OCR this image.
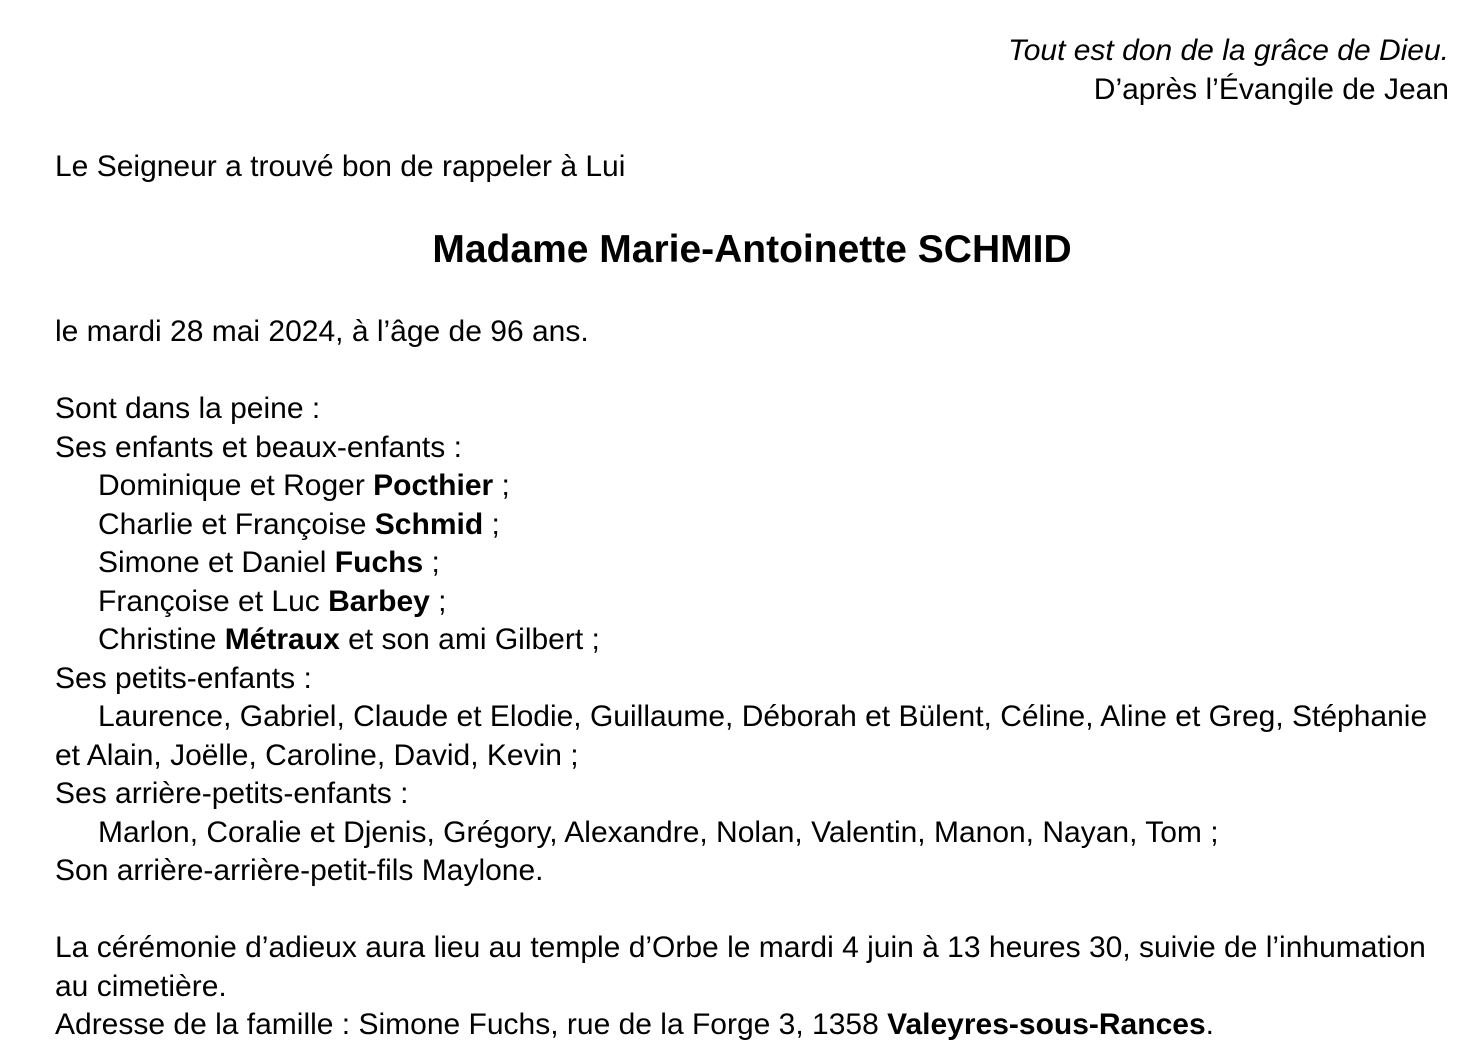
Tout est don de la grâce de Dieu.
D’après l’Évangile de Jean
Le Seigneur a trouvé bon de rappeler à Lui
Madame Marie-Antoinette SCHMID
le mardi 28 mai 2024, à l’âge de 96 ans.
Sont dans la peine :
Ses enfants et beaux-enfants :
Dominique et Roger Pocthier ;
Charlie et Françoise Schmid ;
Simone et Daniel Fuchs ;
Françoise et Luc Barbey ;
Christine Métraux et son ami Gilbert ;
Ses petits-enfants :
Laurence, Gabriel, Claude et Elodie, Guillaume, Déborah et Bülent, Céline, Aline et Greg, Stéphanie et Alain, Joëlle, Caroline, David, Kevin ;
Ses arrière-petits-enfants :
Marlon, Coralie et Djenis, Grégory, Alexandre, Nolan, Valentin, Manon, Nayan, Tom ;
Son arrière-arrière-petit-fils Maylone.
La cérémonie d’adieux aura lieu au temple d’Orbe le mardi 4 juin à 13 heures 30, suivie de l’inhumation au cimetière.
Adresse de la famille : Simone Fuchs, rue de la Forge 3, 1358 Valeyres-sous-Rances.
